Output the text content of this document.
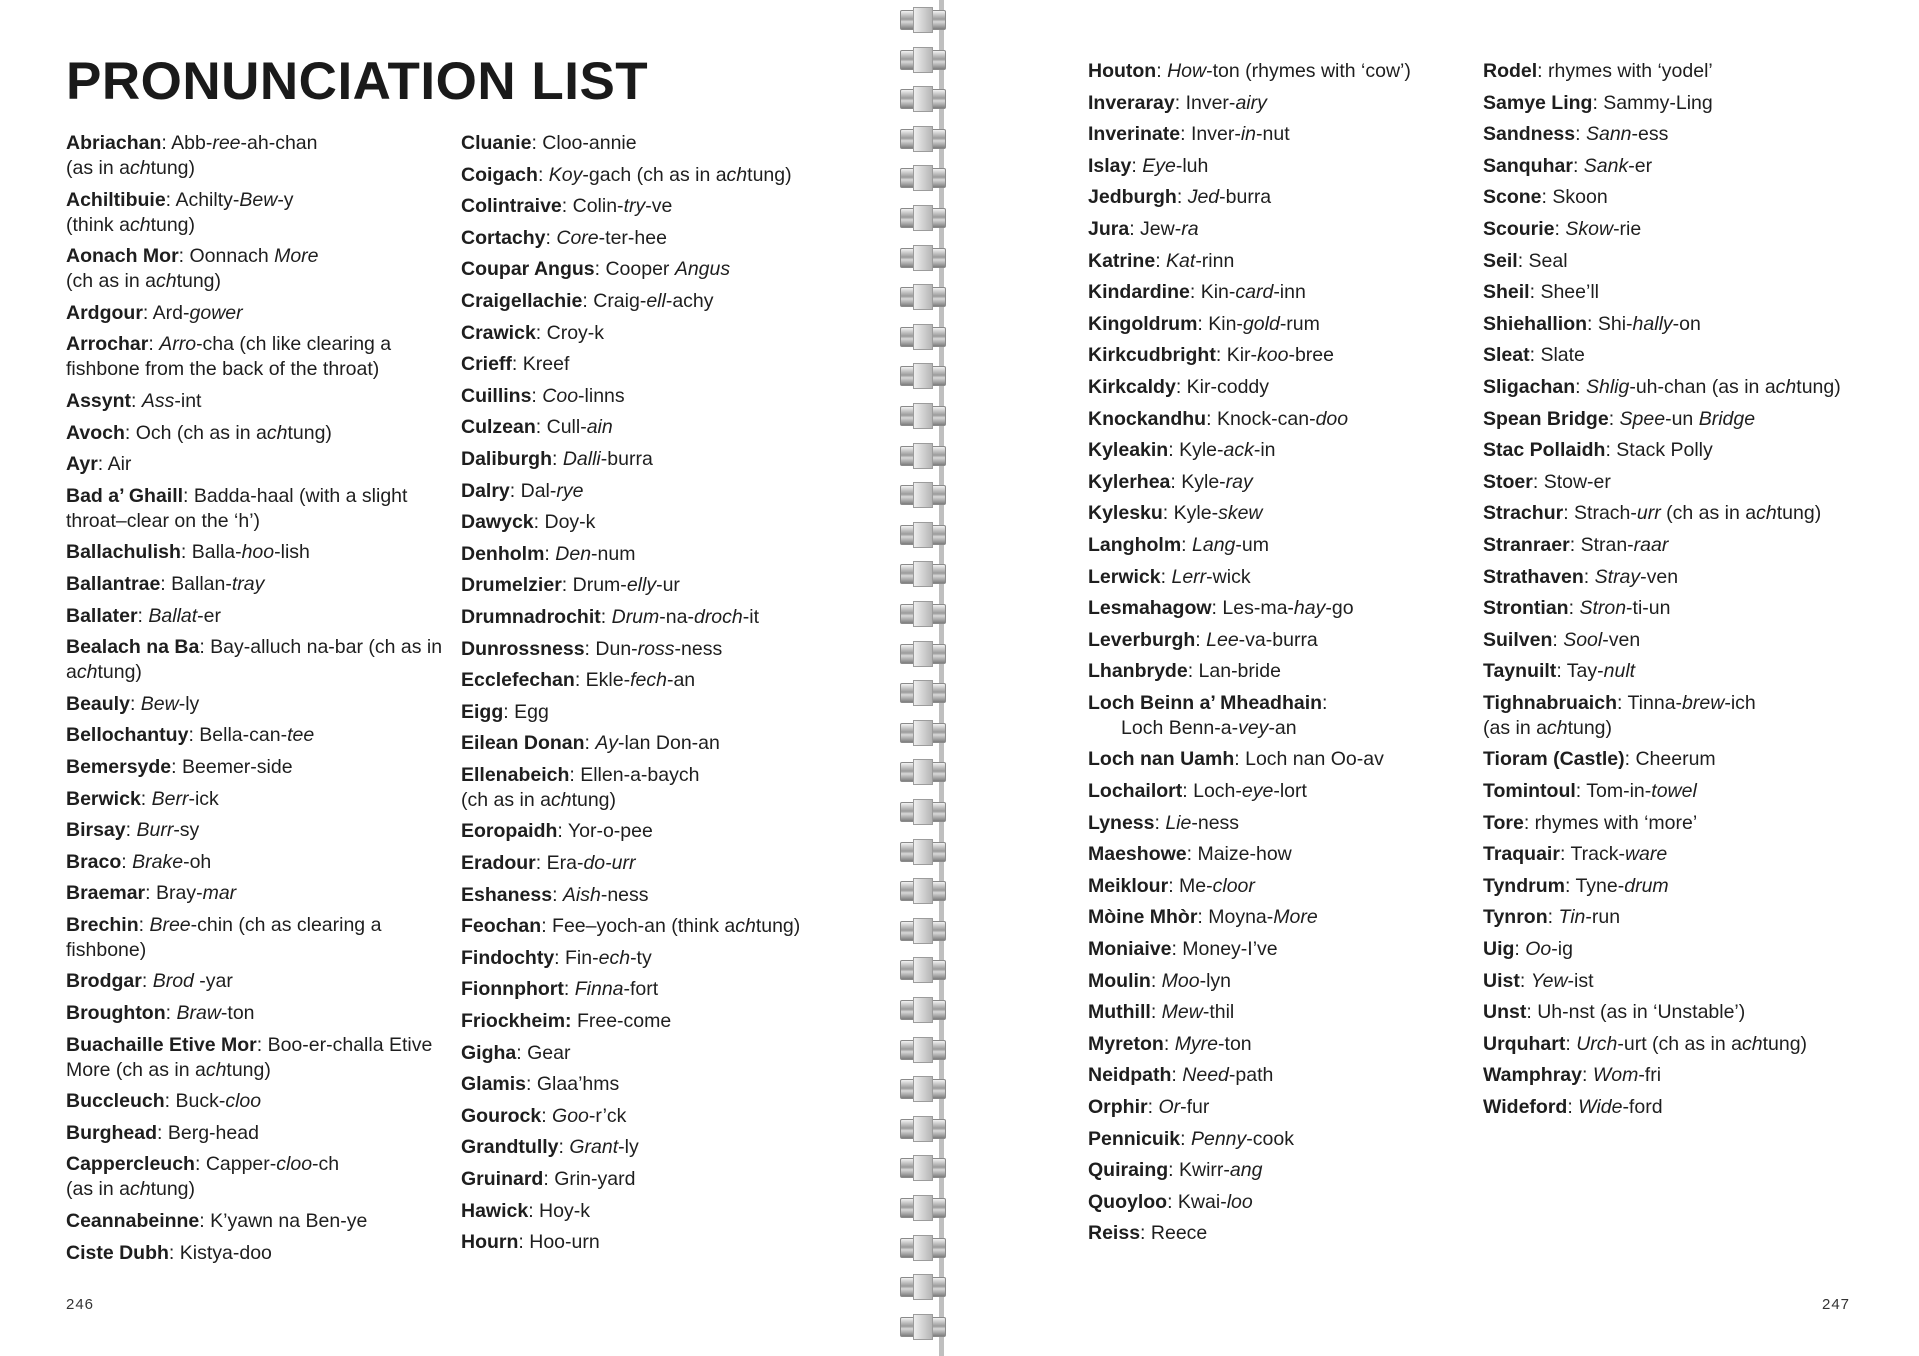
PRONUNCIATION LIST

Abriachan: Abb-ree-ah-chan
(as in achtung)

Achiltibuie: Achilty-Bew-y
(think achtung)

Aonach Mor: Oonnach More
(ch as in achtung)

Ardgour: Ard-gower

Arrochar: Arro-cha (ch like clearing a fishbone from the back of the throat)

Assynt: Ass-int

Avoch: Och (ch as in achtung)

Ayr: Air

Bad a’ Ghaill: Badda-haal (with a slight throat–clear on the ‘h’)

Ballachulish: Balla-hoo-lish

Ballantrae: Ballan-tray

Ballater: Ballat-er

Bealach na Ba: Bay-alluch na-bar (ch as in achtung)

Beauly: Bew-ly

Bellochantuy: Bella-can-tee

Bemersyde: Beemer-side

Berwick: Berr-ick

Birsay: Burr-sy

Braco: Brake-oh

Braemar: Bray-mar

Brechin: Bree-chin (ch as clearing a fishbone)

Brodgar: Brod -yar

Broughton: Braw-ton

Buachaille Etive Mor: Boo-er-challa Etive More (ch as in achtung)

Buccleuch: Buck-cloo

Burghead: Berg-head

Cappercleuch: Capper-cloo-ch
(as in achtung)

Ceannabeinne: K’yawn na Ben-ye

Ciste Dubh: Kistya-doo

Cluanie: Cloo-annie

Coigach: Koy-gach (ch as in achtung)

Colintraive: Colin-try-ve

Cortachy: Core-ter-hee

Coupar Angus: Cooper Angus

Craigellachie: Craig-ell-achy

Crawick: Croy-k

Crieff: Kreef

Cuillins: Coo-linns

Culzean: Cull-ain

Daliburgh: Dalli-burra

Dalry: Dal-rye

Dawyck: Doy-k

Denholm: Den-num

Drumelzier: Drum-elly-ur

Drumnadrochit: Drum-na-droch-it

Dunrossness: Dun-ross-ness

Ecclefechan: Ekle-fech-an

Eigg: Egg

Eilean Donan: Ay-lan Don-an

Ellenabeich: Ellen-a-baych
(ch as in achtung)

Eoropaidh: Yor-o-pee

Eradour: Era-do-urr

Eshaness: Aish-ness

Feochan: Fee–yoch-an (think achtung)

Findochty: Fin-ech-ty

Fionnphort: Finna-fort

Friockheim: Free-come

Gigha: Gear

Glamis: Glaa’hms

Gourock: Goo-r’ck

Grandtully: Grant-ly

Gruinard: Grin-yard

Hawick: Hoy-k

Hourn: Hoo-urn

246

Houton: How-ton (rhymes with ‘cow’)

Inveraray: Inver-airy

Inverinate: Inver-in-nut

Islay: Eye-luh

Jedburgh: Jed-burra

Jura: Jew-ra

Katrine: Kat-rinn

Kindardine: Kin-card-inn

Kingoldrum: Kin-gold-rum

Kirkcudbright: Kir-koo-bree

Kirkcaldy: Kir-coddy

Knockandhu: Knock-can-doo

Kyleakin: Kyle-ack-in

Kylerhea: Kyle-ray

Kylesku: Kyle-skew

Langholm: Lang-um

Lerwick: Lerr-wick

Lesmahagow: Les-ma-hay-go

Leverburgh: Lee-va-burra

Lhanbryde: Lan-bride

Loch Beinn a’ Mheadhain:
Loch Benn-a-vey-an

Loch nan Uamh: Loch nan Oo-av

Lochailort: Loch-eye-lort

Lyness: Lie-ness

Maeshowe: Maize-how

Meiklour: Me-cloor

Mòine Mhòr: Moyna-More

Moniaive: Money-I’ve

Moulin: Moo-lyn

Muthill: Mew-thil

Myreton: Myre-ton

Neidpath: Need-path

Orphir: Or-fur

Pennicuik: Penny-cook

Quiraing: Kwirr-ang

Quoyloo: Kwai-loo

Reiss: Reece

Rodel: rhymes with ‘yodel’

Samye Ling: Sammy-Ling

Sandness: Sann-ess

Sanquhar: Sank-er

Scone: Skoon

Scourie: Skow-rie

Seil: Seal

Sheil: Shee’ll

Shiehallion: Shi-hally-on

Sleat: Slate

Sligachan: Shlig-uh-chan (as in achtung)

Spean Bridge: Spee-un Bridge

Stac Pollaidh: Stack Polly

Stoer: Stow-er

Strachur: Strach-urr (ch as in achtung)

Stranraer: Stran-raar

Strathaven: Stray-ven

Strontian: Stron-ti-un

Suilven: Sool-ven

Taynuilt: Tay-nult

Tighnabruaich: Tinna-brew-ich
(as in achtung)

Tioram (Castle): Cheerum

Tomintoul: Tom-in-towel

Tore: rhymes with ‘more’

Traquair: Track-ware

Tyndrum: Tyne-drum

Tynron: Tin-run

Uig: Oo-ig

Uist: Yew-ist

Unst: Uh-nst (as in ‘Unstable’)

Urquhart: Urch-urt (ch as in achtung)

Wamphray: Wom-fri

Wideford: Wide-ford

247
